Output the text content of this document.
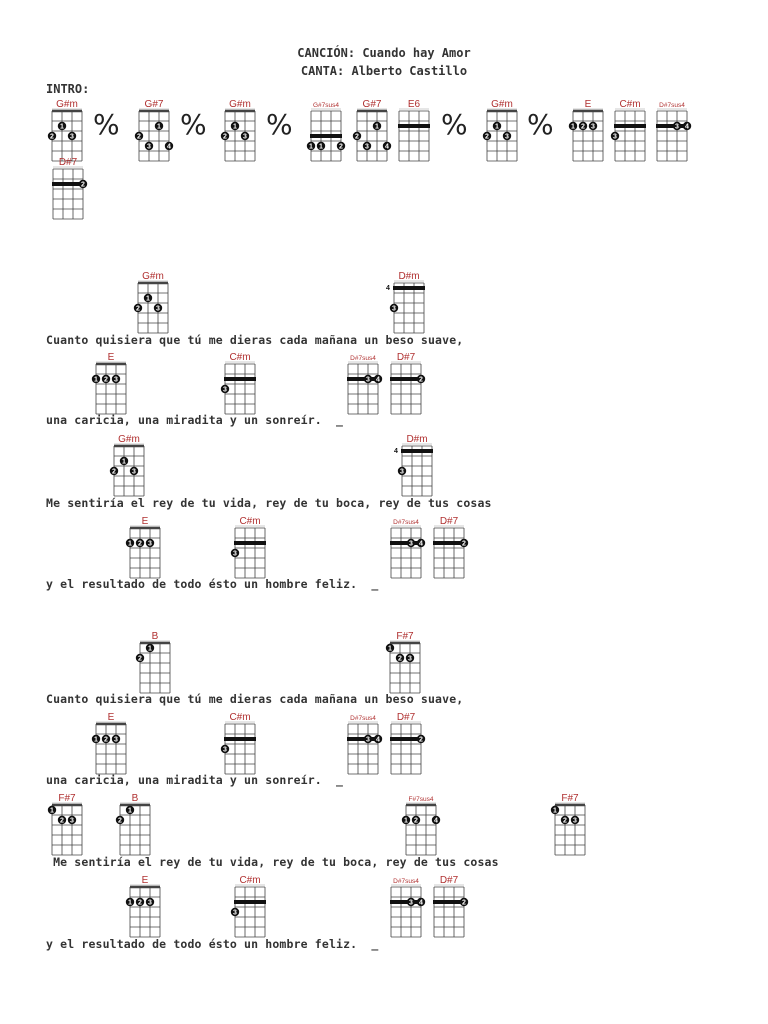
CANCIÓN: Cuando hay Amor
CANTA: Alberto Castillo
INTRO:
G#m
1
2 3
G#7
1
2
3 4
G#m
1
2 3
G#7sus4
1 1 2
G#7
1
2
3 4
E6	G#m
1
2 3
E
1 2 3
C#m
3
D#7sus4
3 4
D#7
2
G#m
1
2 3
D#m
4
3
E
1 2 3
C#m
3
D#7sus4
3 4
D#7
2
G#m
1
2 3
D#m
4
3
E
1 2 3
C#m
3
D#7sus4
3 4
D#7
2
B
1
2
F#7
1
2 3
E
1 2 3
C#m
3
D#7sus4
3 4
D#7
2
F#7
1
2 3
B
1
2
F#7sus4
1 2 4
F#7
1
2 3
E
1 2 3
C#m
3
D#7sus4
3 4
D#7
2
% % %	% %
Cuanto quisiera que tú me dieras cada mañana un beso suave,
una caricia, una miradita y un sonreír.  _
Me sentiría el rey de tu vida, rey de tu boca, rey de tus cosas
y el resultado de todo ésto un hombre feliz.  _
Cuanto quisiera que tú me dieras cada mañana un beso suave,
una caricia, una miradita y un sonreír.  _
Me sentiría el rey de tu vida, rey de tu boca, rey de tus cosas
y el resultado de todo ésto un hombre feliz.  _
